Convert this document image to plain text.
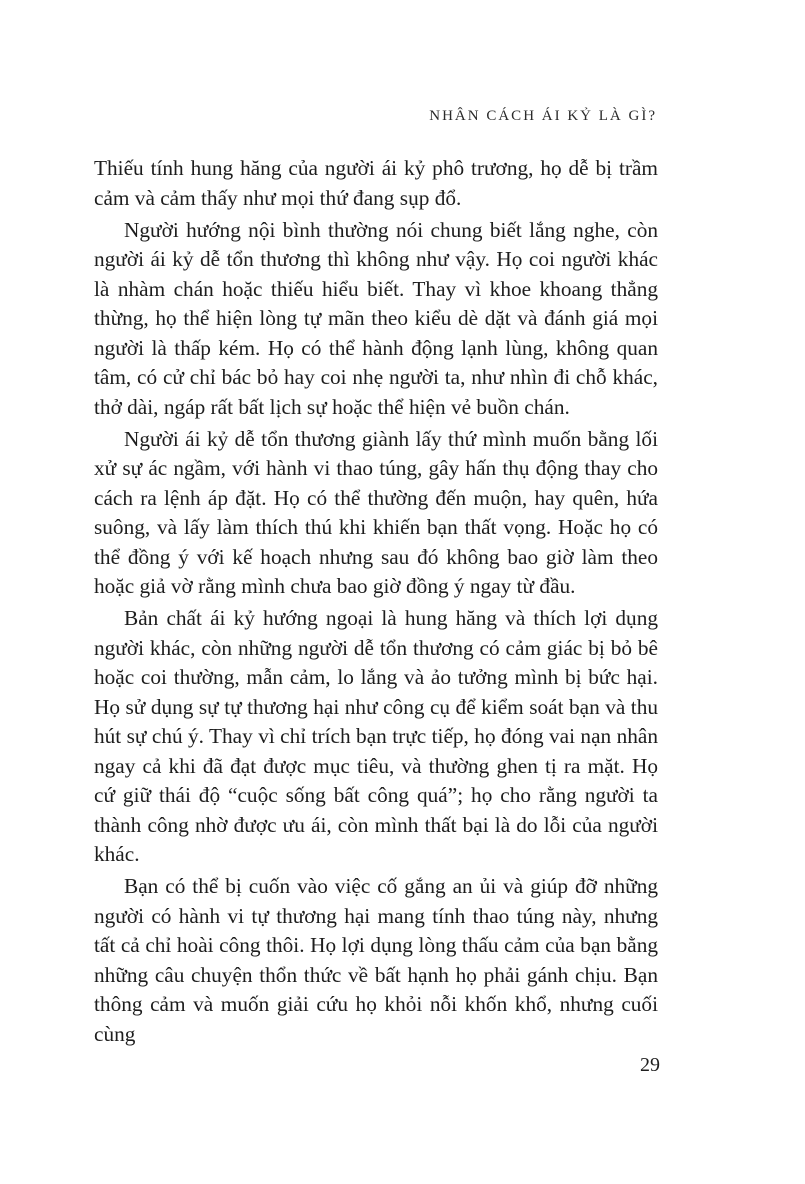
NHÂN CÁCH ÁI KỶ LÀ GÌ?

Thiếu tính hung hăng của người ái kỷ phô trương, họ dễ bị trầm cảm và cảm thấy như mọi thứ đang sụp đổ.

Người hướng nội bình thường nói chung biết lắng nghe, còn người ái kỷ dễ tổn thương thì không như vậy. Họ coi người khác là nhàm chán hoặc thiếu hiểu biết. Thay vì khoe khoang thẳng thừng, họ thể hiện lòng tự mãn theo kiểu dè dặt và đánh giá mọi người là thấp kém. Họ có thể hành động lạnh lùng, không quan tâm, có cử chỉ bác bỏ hay coi nhẹ người ta, như nhìn đi chỗ khác, thở dài, ngáp rất bất lịch sự hoặc thể hiện vẻ buồn chán.

Người ái kỷ dễ tổn thương giành lấy thứ mình muốn bằng lối xử sự ác ngầm, với hành vi thao túng, gây hấn thụ động thay cho cách ra lệnh áp đặt. Họ có thể thường đến muộn, hay quên, hứa suông, và lấy làm thích thú khi khiến bạn thất vọng. Hoặc họ có thể đồng ý với kế hoạch nhưng sau đó không bao giờ làm theo hoặc giả vờ rằng mình chưa bao giờ đồng ý ngay từ đầu.

Bản chất ái kỷ hướng ngoại là hung hăng và thích lợi dụng người khác, còn những người dễ tổn thương có cảm giác bị bỏ bê hoặc coi thường, mẫn cảm, lo lắng và ảo tưởng mình bị bức hại. Họ sử dụng sự tự thương hại như công cụ để kiểm soát bạn và thu hút sự chú ý. Thay vì chỉ trích bạn trực tiếp, họ đóng vai nạn nhân ngay cả khi đã đạt được mục tiêu, và thường ghen tị ra mặt. Họ cứ giữ thái độ “cuộc sống bất công quá”; họ cho rằng người ta thành công nhờ được ưu ái, còn mình thất bại là do lỗi của người khác.

Bạn có thể bị cuốn vào việc cố gắng an ủi và giúp đỡ những người có hành vi tự thương hại mang tính thao túng này, nhưng tất cả chỉ hoài công thôi. Họ lợi dụng lòng thấu cảm của bạn bằng những câu chuyện thổn thức về bất hạnh họ phải gánh chịu. Bạn thông cảm và muốn giải cứu họ khỏi nỗi khốn khổ, nhưng cuối cùng

29
